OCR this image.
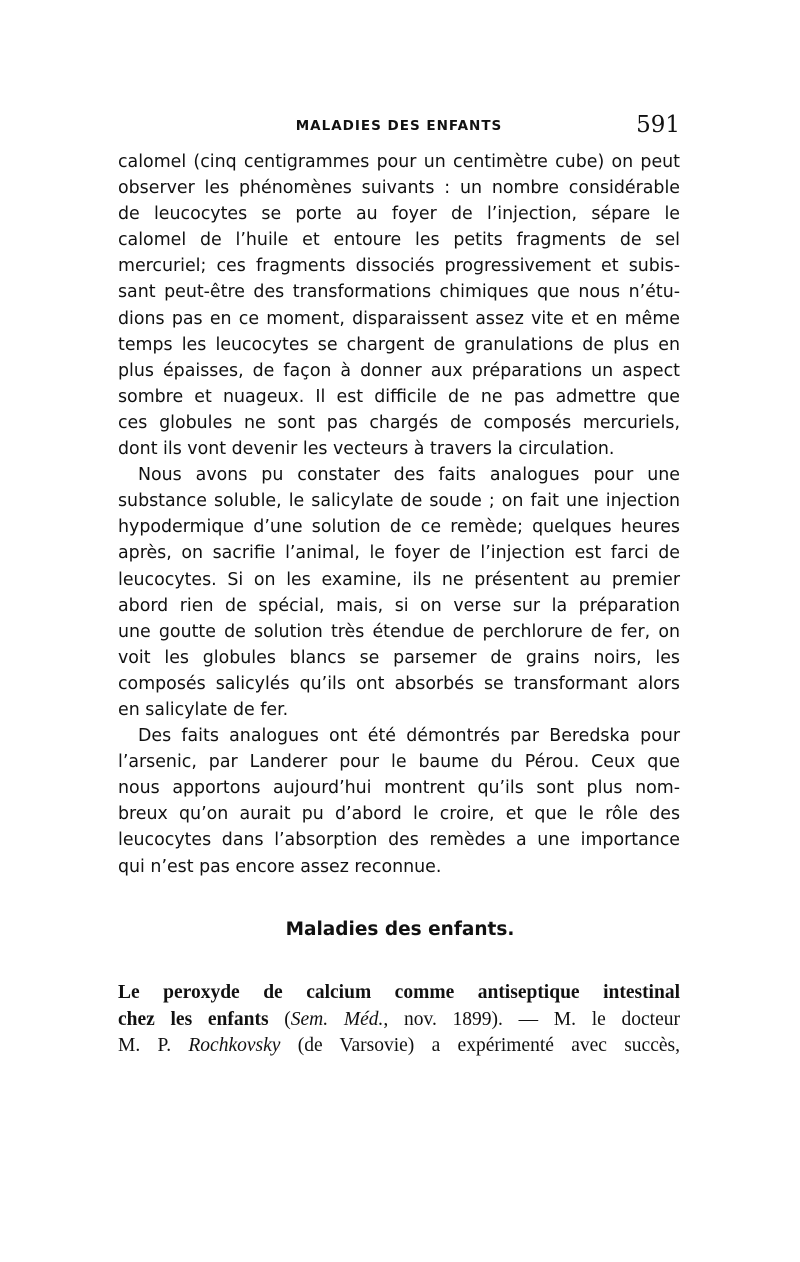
MALADIES DES ENFANTS	591
calomel (cinq centigrammes pour un centimètre cube) on peut
observer les phénomènes suivants : un nombre considérable
de leucocytes se porte au foyer de l’injection, sépare le
calomel de l’huile et entoure les petits fragments de sel
mercuriel; ces fragments dissociés progressivement et subis-
sant peut-être des transformations chimiques que nous n’étu-
dions pas en ce moment, disparaissent assez vite et en même
temps les leucocytes se chargent de granulations de plus en
plus épaisses, de façon à donner aux préparations un aspect
sombre et nuageux. Il est difficile de ne pas admettre que
ces globules ne sont pas chargés de composés mercuriels,
dont ils vont devenir les vecteurs à travers la circulation.
Nous avons pu constater des faits analogues pour une
substance soluble, le salicylate de soude ; on fait une injection
hypodermique d’une solution de ce remède; quelques heures
après, on sacrifie l’animal, le foyer de l’injection est farci de
leucocytes. Si on les examine, ils ne présentent au premier
abord rien de spécial, mais, si on verse sur la préparation
une goutte de solution très étendue de perchlorure de fer, on
voit les globules blancs se parsemer de grains noirs, les
composés salicylés qu’ils ont absorbés se transformant alors
en salicylate de fer.
Des faits analogues ont été démontrés par Beredska pour
l’arsenic, par Landerer pour le baume du Pérou. Ceux que
nous apportons aujourd’hui montrent qu’ils sont plus nom-
breux qu’on aurait pu d’abord le croire, et que le rôle des
leucocytes dans l’absorption des remèdes a une importance
qui n’est pas encore assez reconnue.
Maladies des enfants.
Le peroxyde de calcium comme antiseptique intestinal
chez les enfants (Sem. Méd., nov. 1899). — M. le docteur
M. P. Rochkovsky (de Varsovie) a expérimenté avec succès,
